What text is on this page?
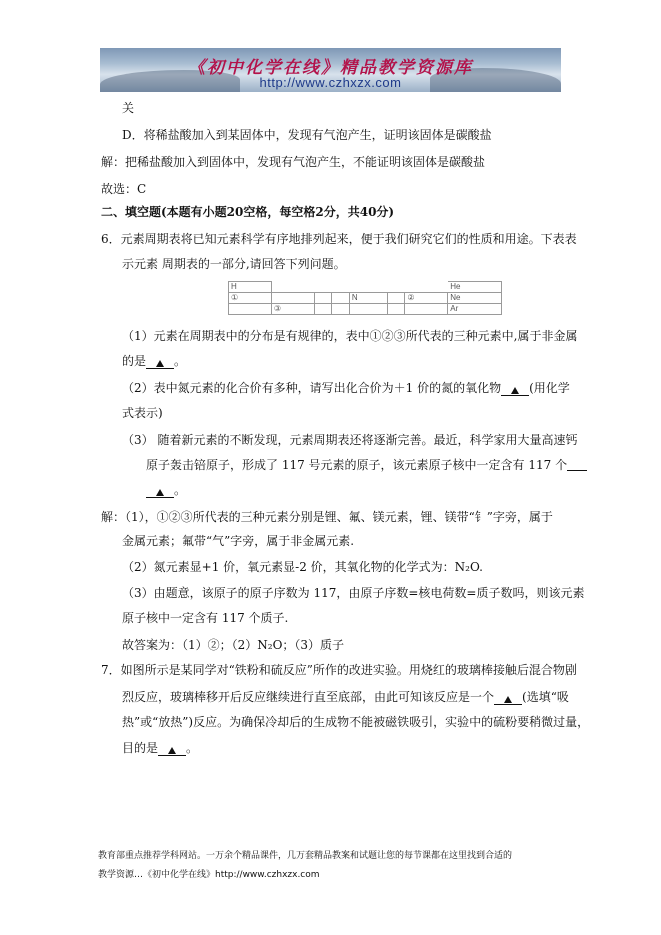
《初中化学在线》精品教学资源库
http://www.czhxzx.com
关
D．将稀盐酸加入到某固体中，发现有气泡产生，证明该固体是碳酸盐
解：把稀盐酸加入到固体中，发现有气泡产生，不能证明该固体是碳酸盐
故选：C
二、填空题(本题有小题20空格，每空格2分，共40分)
6．元素周期表将已知元素科学有序地排列起来，便于我们研究它们的性质和用途。下表表
示元素 周期表的一部分,请回答下列问题。
H							He
①				N		②	Ne
	③						Ar
（1）元素在周期表中的分布是有规律的，表中①②③所代表的三种元素中,属于非金属
的是 。
（2）表中氮元素的化合价有多种，请写出化合价为＋1 价的氮的氧化物 (用化学
式表示)
（3） 随着新元素的不断发现，元素周期表还将逐渐完善。最近，科学家用大量高速钙
原子轰击锫原子，形成了 117 号元素的原子，该元素原子核中一定含有 117 个
。
解：（1），①②③所代表的三种元素分别是锂、氟、镁元素，锂、镁带“钅”字旁，属于
金属元素；氟带“气”字旁，属于非金属元素.
（2）氮元素显+1 价，氧元素显-2 价，其氧化物的化学式为：N₂O.
（3）由题意，该原子的原子序数为 117，由原子序数=核电荷数=质子数吗，则该元素
原子核中一定含有 117 个质子.
故答案为：（1）②；（2）N₂O；（3）质子
7．如图所示是某同学对“铁粉和硫反应”所作的改进实验。用烧红的玻璃棒接触后混合物剧
烈反应，玻璃棒移开后反应继续进行直至底部，由此可知该反应是一个 (选填“吸
热”或“放热”)反应。为确保冷却后的生成物不能被磁铁吸引，实验中的硫粉要稍微过量，
目的是 。
教育部重点推荐学科网站。一万余个精品课件，几万套精品教案和试题让您的每节课都在这里找到合适的
教学资源…《初中化学在线》http://www.czhxzx.com
